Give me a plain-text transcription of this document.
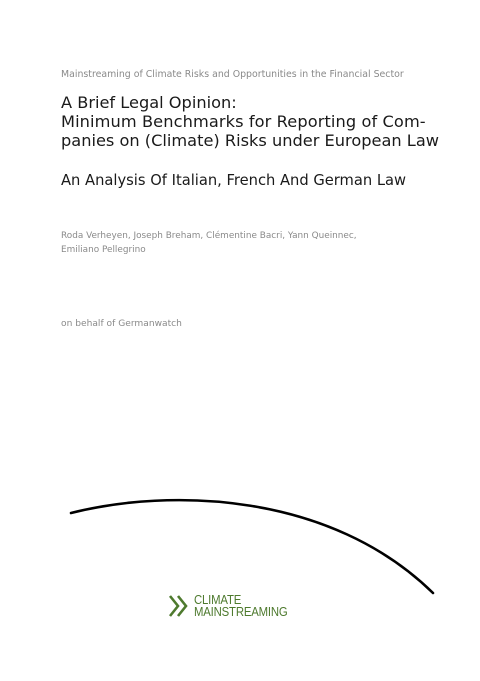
Mainstreaming of Climate Risks and Opportunities in the Financial Sector
A Brief Legal Opinion:
Minimum Benchmarks for Reporting of Com-
panies on (Climate) Risks under European Law
An Analysis Of Italian, French And German Law
Roda Verheyen, Joseph Breham, Clémentine Bacri, Yann Queinnec,
Emiliano Pellegrino
on behalf of Germanwatch
CLIMATE
MAINSTREAMING
